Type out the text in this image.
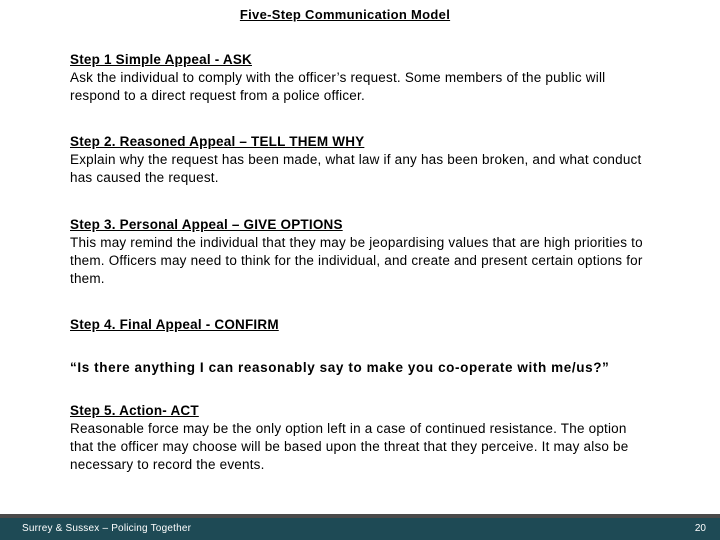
Five-Step Communication Model
Step 1 Simple Appeal - ASK
Ask the individual to comply with the officer’s request. Some members of the public will respond to a direct request from a police officer.
Step 2. Reasoned Appeal – TELL THEM WHY
Explain why the request has been made, what law if any has been broken, and what conduct has caused the request.
Step 3. Personal Appeal – GIVE OPTIONS
This may remind the individual that they may be jeopardising values that are high priorities to them. Officers may need to think for the individual, and create and present certain options for them.
Step 4. Final Appeal - CONFIRM
“Is there anything I can reasonably say to make you co-operate with me/us?”
Step 5. Action- ACT
Reasonable force may be the only option left in a case of continued resistance. The option that the officer may choose will be based upon the threat that they perceive. It may also be necessary to record the events.
Surrey & Sussex – Policing Together	20
